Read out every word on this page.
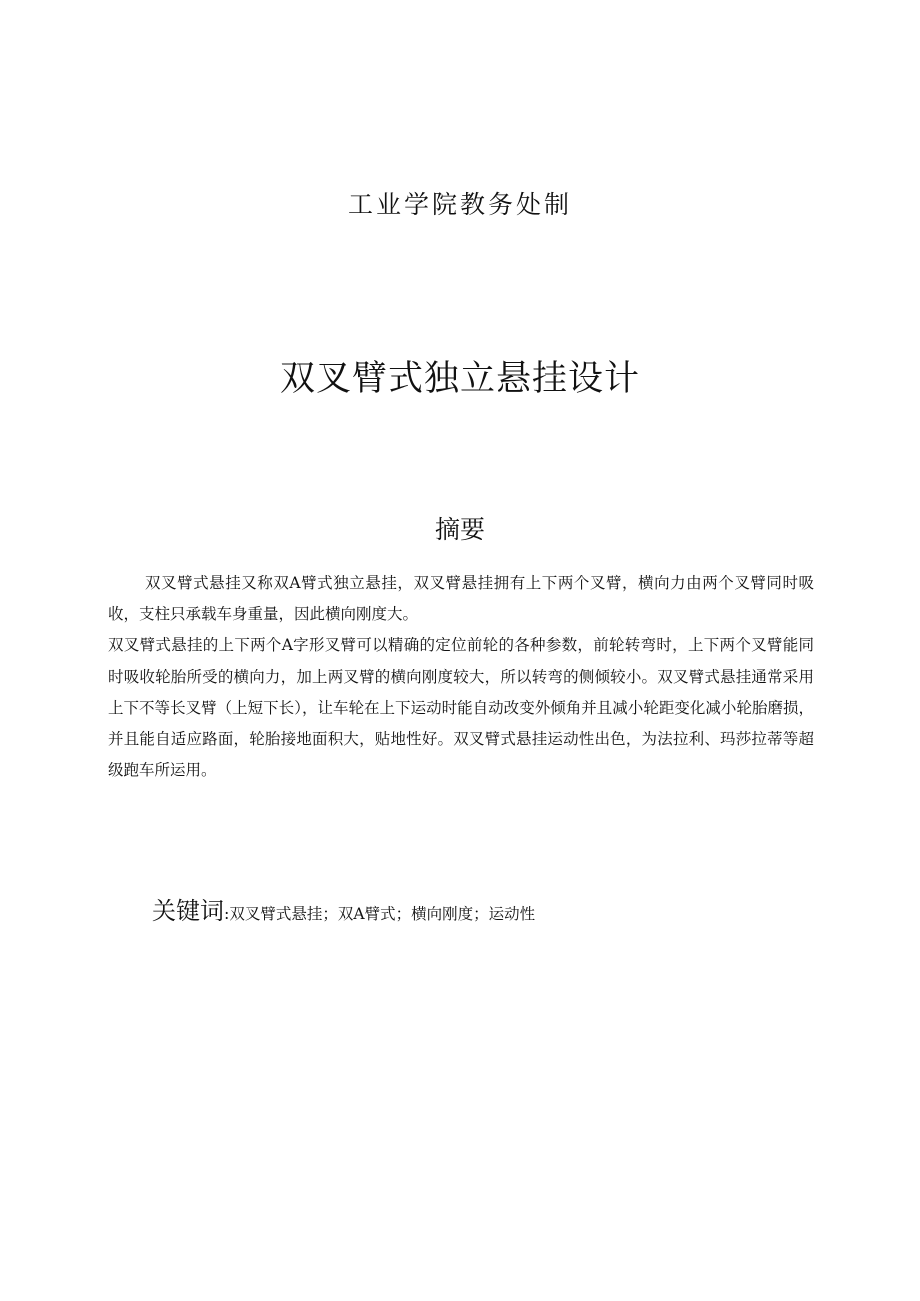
工业学院教务处制
双叉臂式独立悬挂设计
摘要

双叉臂式悬挂又称双A臂式独立悬挂，双叉臂悬挂拥有上下两个叉臂，横向力由两个叉臂同时吸收，支柱只承载车身重量，因此横向刚度大。

双叉臂式悬挂的上下两个A字形叉臂可以精确的定位前轮的各种参数，前轮转弯时，上下两个叉臂能同时吸收轮胎所受的横向力，加上两叉臂的横向刚度较大，所以转弯的侧倾较小。双叉臂式悬挂通常采用上下不等长叉臂（上短下长），让车轮在上下运动时能自动改变外倾角并且减小轮距变化减小轮胎磨损，并且能自适应路面，轮胎接地面积大，贴地性好。双叉臂式悬挂运动性出色，为法拉利、玛莎拉蒂等超级跑车所运用。

关键词:双叉臂式悬挂；双A臂式；横向刚度；运动性
